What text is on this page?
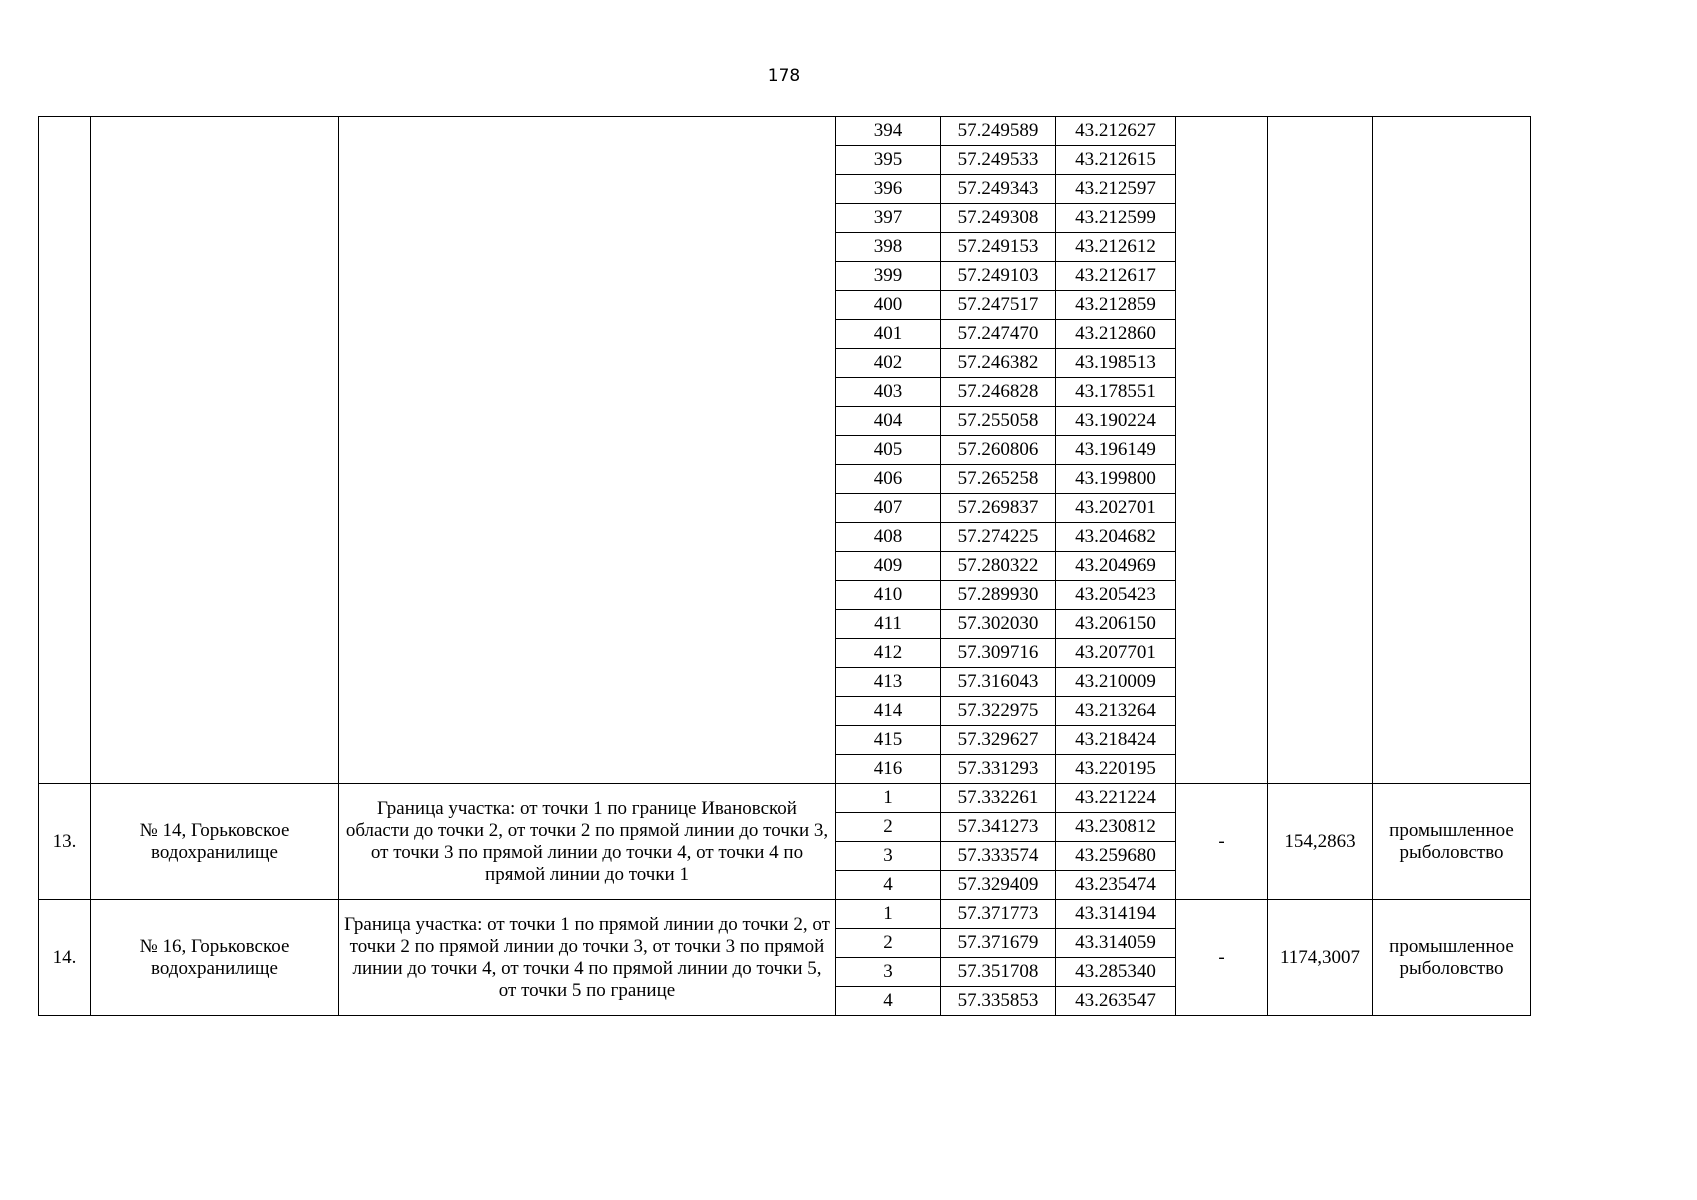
178
			394	57.249589	43.212627			
			395	57.249533	43.212615			
			396	57.249343	43.212597			
			397	57.249308	43.212599			
			398	57.249153	43.212612			
			399	57.249103	43.212617			
			400	57.247517	43.212859			
			401	57.247470	43.212860			
			402	57.246382	43.198513			
			403	57.246828	43.178551			
			404	57.255058	43.190224			
			405	57.260806	43.196149			
			406	57.265258	43.199800			
			407	57.269837	43.202701			
			408	57.274225	43.204682			
			409	57.280322	43.204969			
			410	57.289930	43.205423			
			411	57.302030	43.206150			
			412	57.309716	43.207701			
			413	57.316043	43.210009			
			414	57.322975	43.213264			
			415	57.329627	43.218424			
			416	57.331293	43.220195			
13.	№ 14, Горьковское водохранилище	Граница участка: от точки 1 по границе Ивановской области до точки 2, от точки 2 по прямой линии до точки 3, от точки 3 по прямой линии до точки 4, от точки 4 по прямой линии до точки 1	1	57.332261	43.221224	-	154,2863	промышленное рыболовство
			2	57.341273	43.230812			
			3	57.333574	43.259680			
			4	57.329409	43.235474			
14.	№ 16, Горьковское водохранилище	Граница участка: от точки 1 по прямой линии до точки 2, от точки 2 по прямой линии до точки 3, от точки 3 по прямой линии до точки 4, от точки 4 по прямой линии до точки 5, от точки 5 по границе	1	57.371773	43.314194	-	1174,3007	промышленное рыболовство
			2	57.371679	43.314059			
			3	57.351708	43.285340			
			4	57.335853	43.263547			
